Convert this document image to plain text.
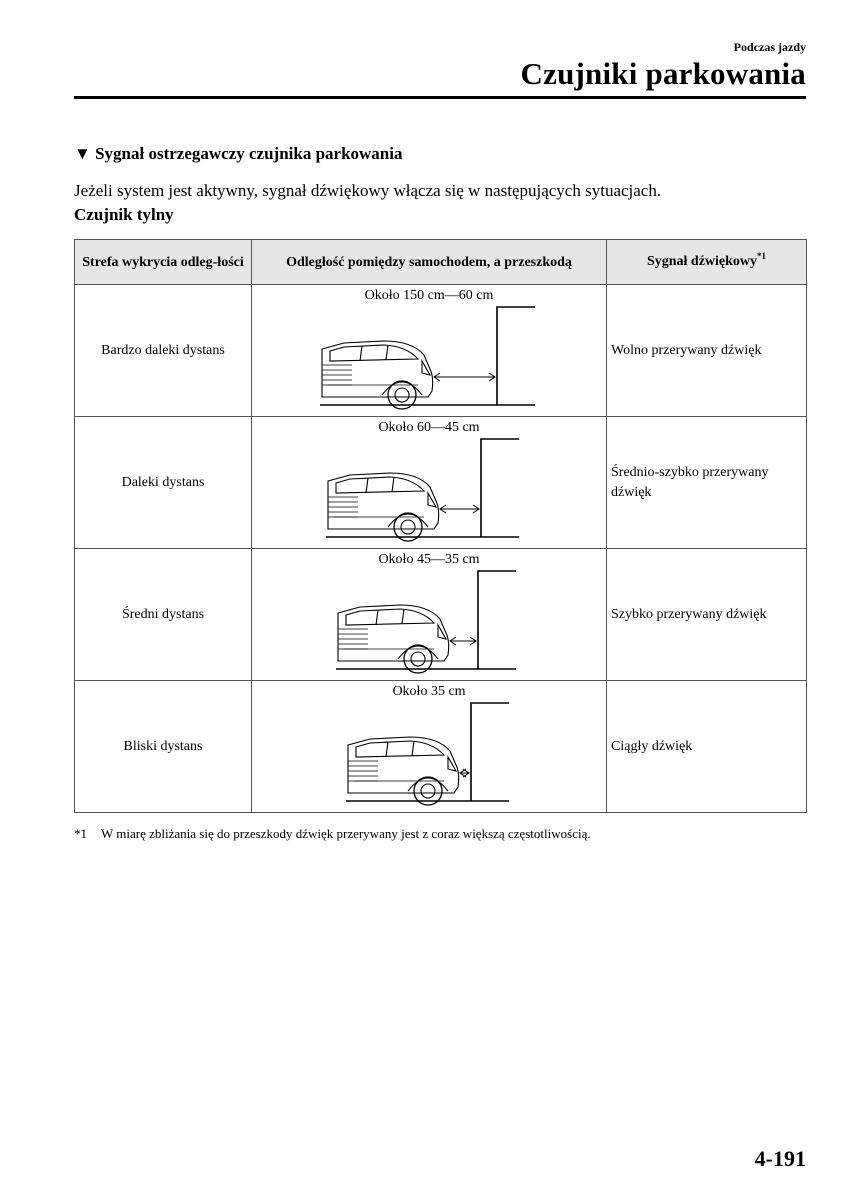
Podczas jazdy
Czujniki parkowania
▼ Sygnał ostrzegawczy czujnika parkowania
Jeżeli system jest aktywny, sygnał dźwiękowy włącza się w następujących sytuacjach.
Czujnik tylny
Strefa wykrycia odleg-łości	Odległość pomiędzy samochodem, a przeszkodą	Sygnał dźwiękowy$^{*1}$
Bardzo daleki dystans	Około 150 cm—60 cm	Wolno przerywany dźwięk

Daleki dystans	Około 60—45 cm	Średnio-szybko przerywany dźwięk

Średni dystans	Około 45—35 cm	Szybko przerywany dźwięk

Bliski dystans	Około 35 cm	Ciągły dźwięk
*1 W miarę zbliżania się do przeszkody dźwięk przerywany jest z coraz większą częstotliwością.
4-191
